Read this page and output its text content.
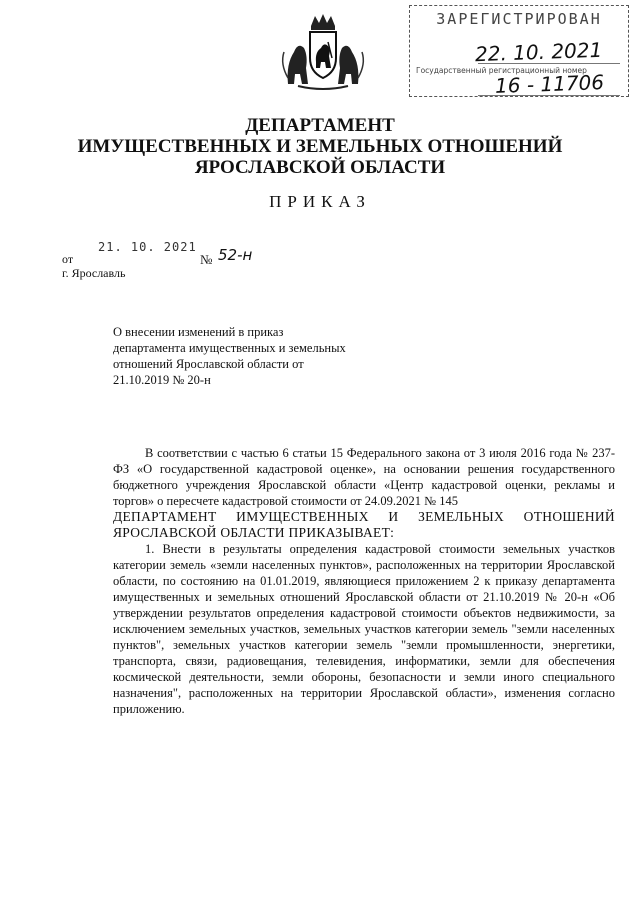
ЗАРЕГИСТРИРОВАН
22. 10. 2021
Государственный регистрационный номер
16 - 11706
ДЕПАРТАМЕНТ
ИМУЩЕСТВЕННЫХ И ЗЕМЕЛЬНЫХ ОТНОШЕНИЙ
ЯРОСЛАВСКОЙ ОБЛАСТИ
ПРИКАЗ
21. 10. 2021
от	№ 52-н
г. Ярославль
О внесении изменений в приказ департамента имущественных и земельных отношений Ярославской области от 21.10.2019 № 20-н

В соответствии с частью 6 статьи 15 Федерального закона от 3 июля 2016 года № 237-ФЗ «О государственной кадастровой оценке», на основании решения государственного бюджетного учреждения Ярославской области «Центр кадастровой оценки, рекламы и торгов» о пересчете кадастровой стоимости от 24.09.2021 № 145

ДЕПАРТАМЕНТ ИМУЩЕСТВЕННЫХ И ЗЕМЕЛЬНЫХ ОТНОШЕНИЙ ЯРОСЛАВСКОЙ ОБЛАСТИ ПРИКАЗЫВАЕТ:

1. Внести в результаты определения кадастровой стоимости земельных участков категории земель «земли населенных пунктов», расположенных на территории Ярославской области, по состоянию на 01.01.2019, являющиеся приложением 2 к приказу департамента имущественных и земельных отношений Ярославской области от 21.10.2019 № 20-н «Об утверждении результатов определения кадастровой стоимости объектов недвижимости, за исключением земельных участков, земельных участков категории земель "земли населенных пунктов", земельных участков категории земель "земли промышленности, энергетики, транспорта, связи, радиовещания, телевидения, информатики, земли для обеспечения космической деятельности, земли обороны, безопасности и земли иного специального назначения", расположенных на территории Ярославской области», изменения согласно приложению.
